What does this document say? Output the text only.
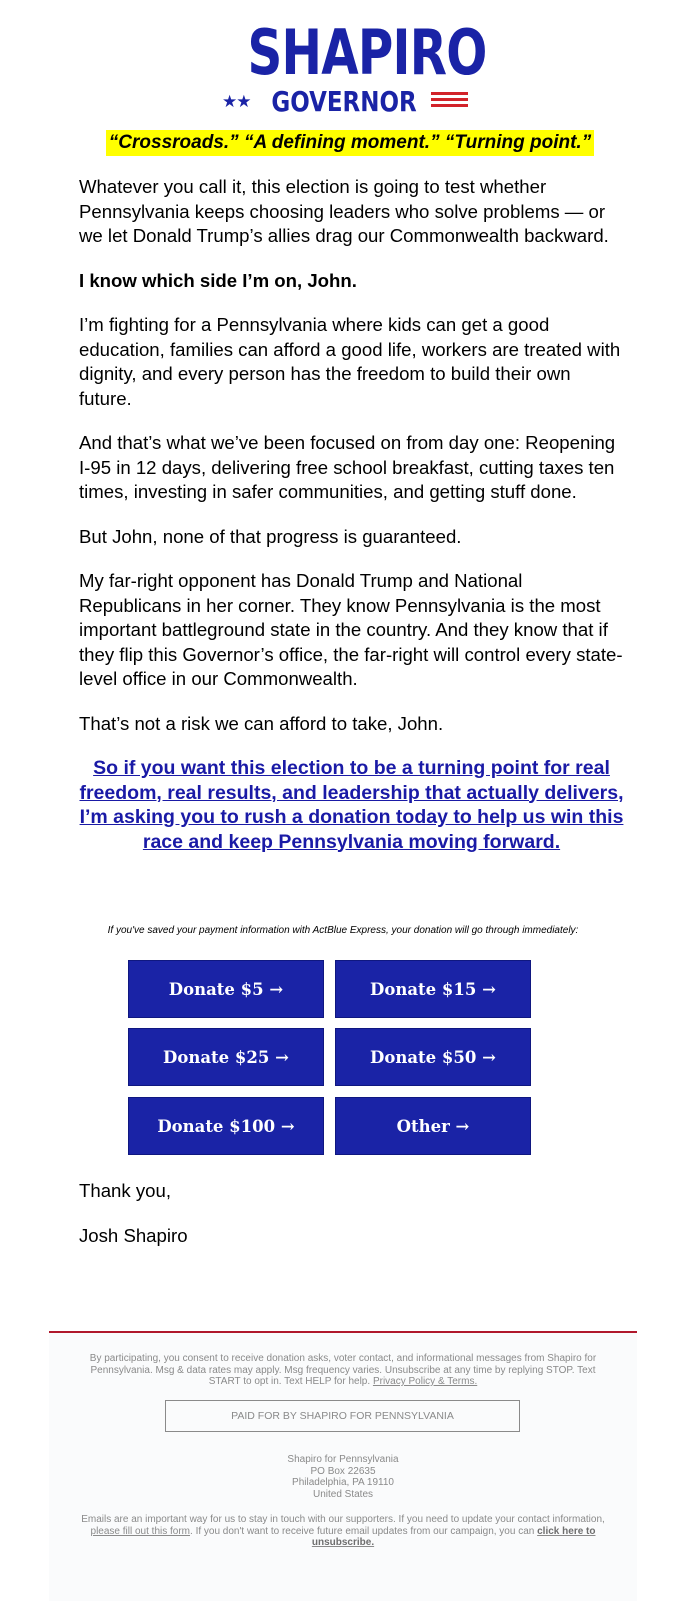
SHAPIRO
★★ GOVERNOR
“Crossroads.” “A defining moment.” “Turning point.”

Whatever you call it, this election is going to test whether Pennsylvania keeps choosing leaders who solve problems — or we let Donald Trump’s allies drag our Commonwealth backward.

I know which side I’m on, John.

I’m fighting for a Pennsylvania where kids can get a good education, families can afford a good life, workers are treated with dignity, and every person has the freedom to build their own future.

And that’s what we’ve been focused on from day one: Reopening I-95 in 12 days, delivering free school breakfast, cutting taxes ten times, investing in safer communities, and getting stuff done.

But John, none of that progress is guaranteed.

My far-right opponent has Donald Trump and National Republicans in her corner. They know Pennsylvania is the most important battleground state in the country. And they know that if they flip this Governor’s office, the far-right will control every state-level office in our Commonwealth.

That’s not a risk we can afford to take, John.

So if you want this election to be a turning point for real freedom, real results, and leadership that actually delivers, I’m asking you to rush a donation today to help us win this race and keep Pennsylvania moving forward.
If you've saved your payment information with ActBlue Express, your donation will go through immediately:
Donate $5 →	Donate $15 →
Donate $25 →	Donate $50 →
Donate $100 →	Other →

Thank you,

Josh Shapiro

By participating, you consent to receive donation asks, voter contact, and informational messages from Shapiro for Pennsylvania. Msg & data rates may apply. Msg frequency varies. Unsubscribe at any time by replying STOP. Text START to opt in. Text HELP for help. Privacy Policy & Terms.
PAID FOR BY SHAPIRO FOR PENNSYLVANIA
Shapiro for Pennsylvania
PO Box 22635
Philadelphia, PA 19110
United States
Emails are an important way for us to stay in touch with our supporters. If you need to update your contact information, please fill out this form. If you don't want to receive future email updates from our campaign, you can click here to unsubscribe.
